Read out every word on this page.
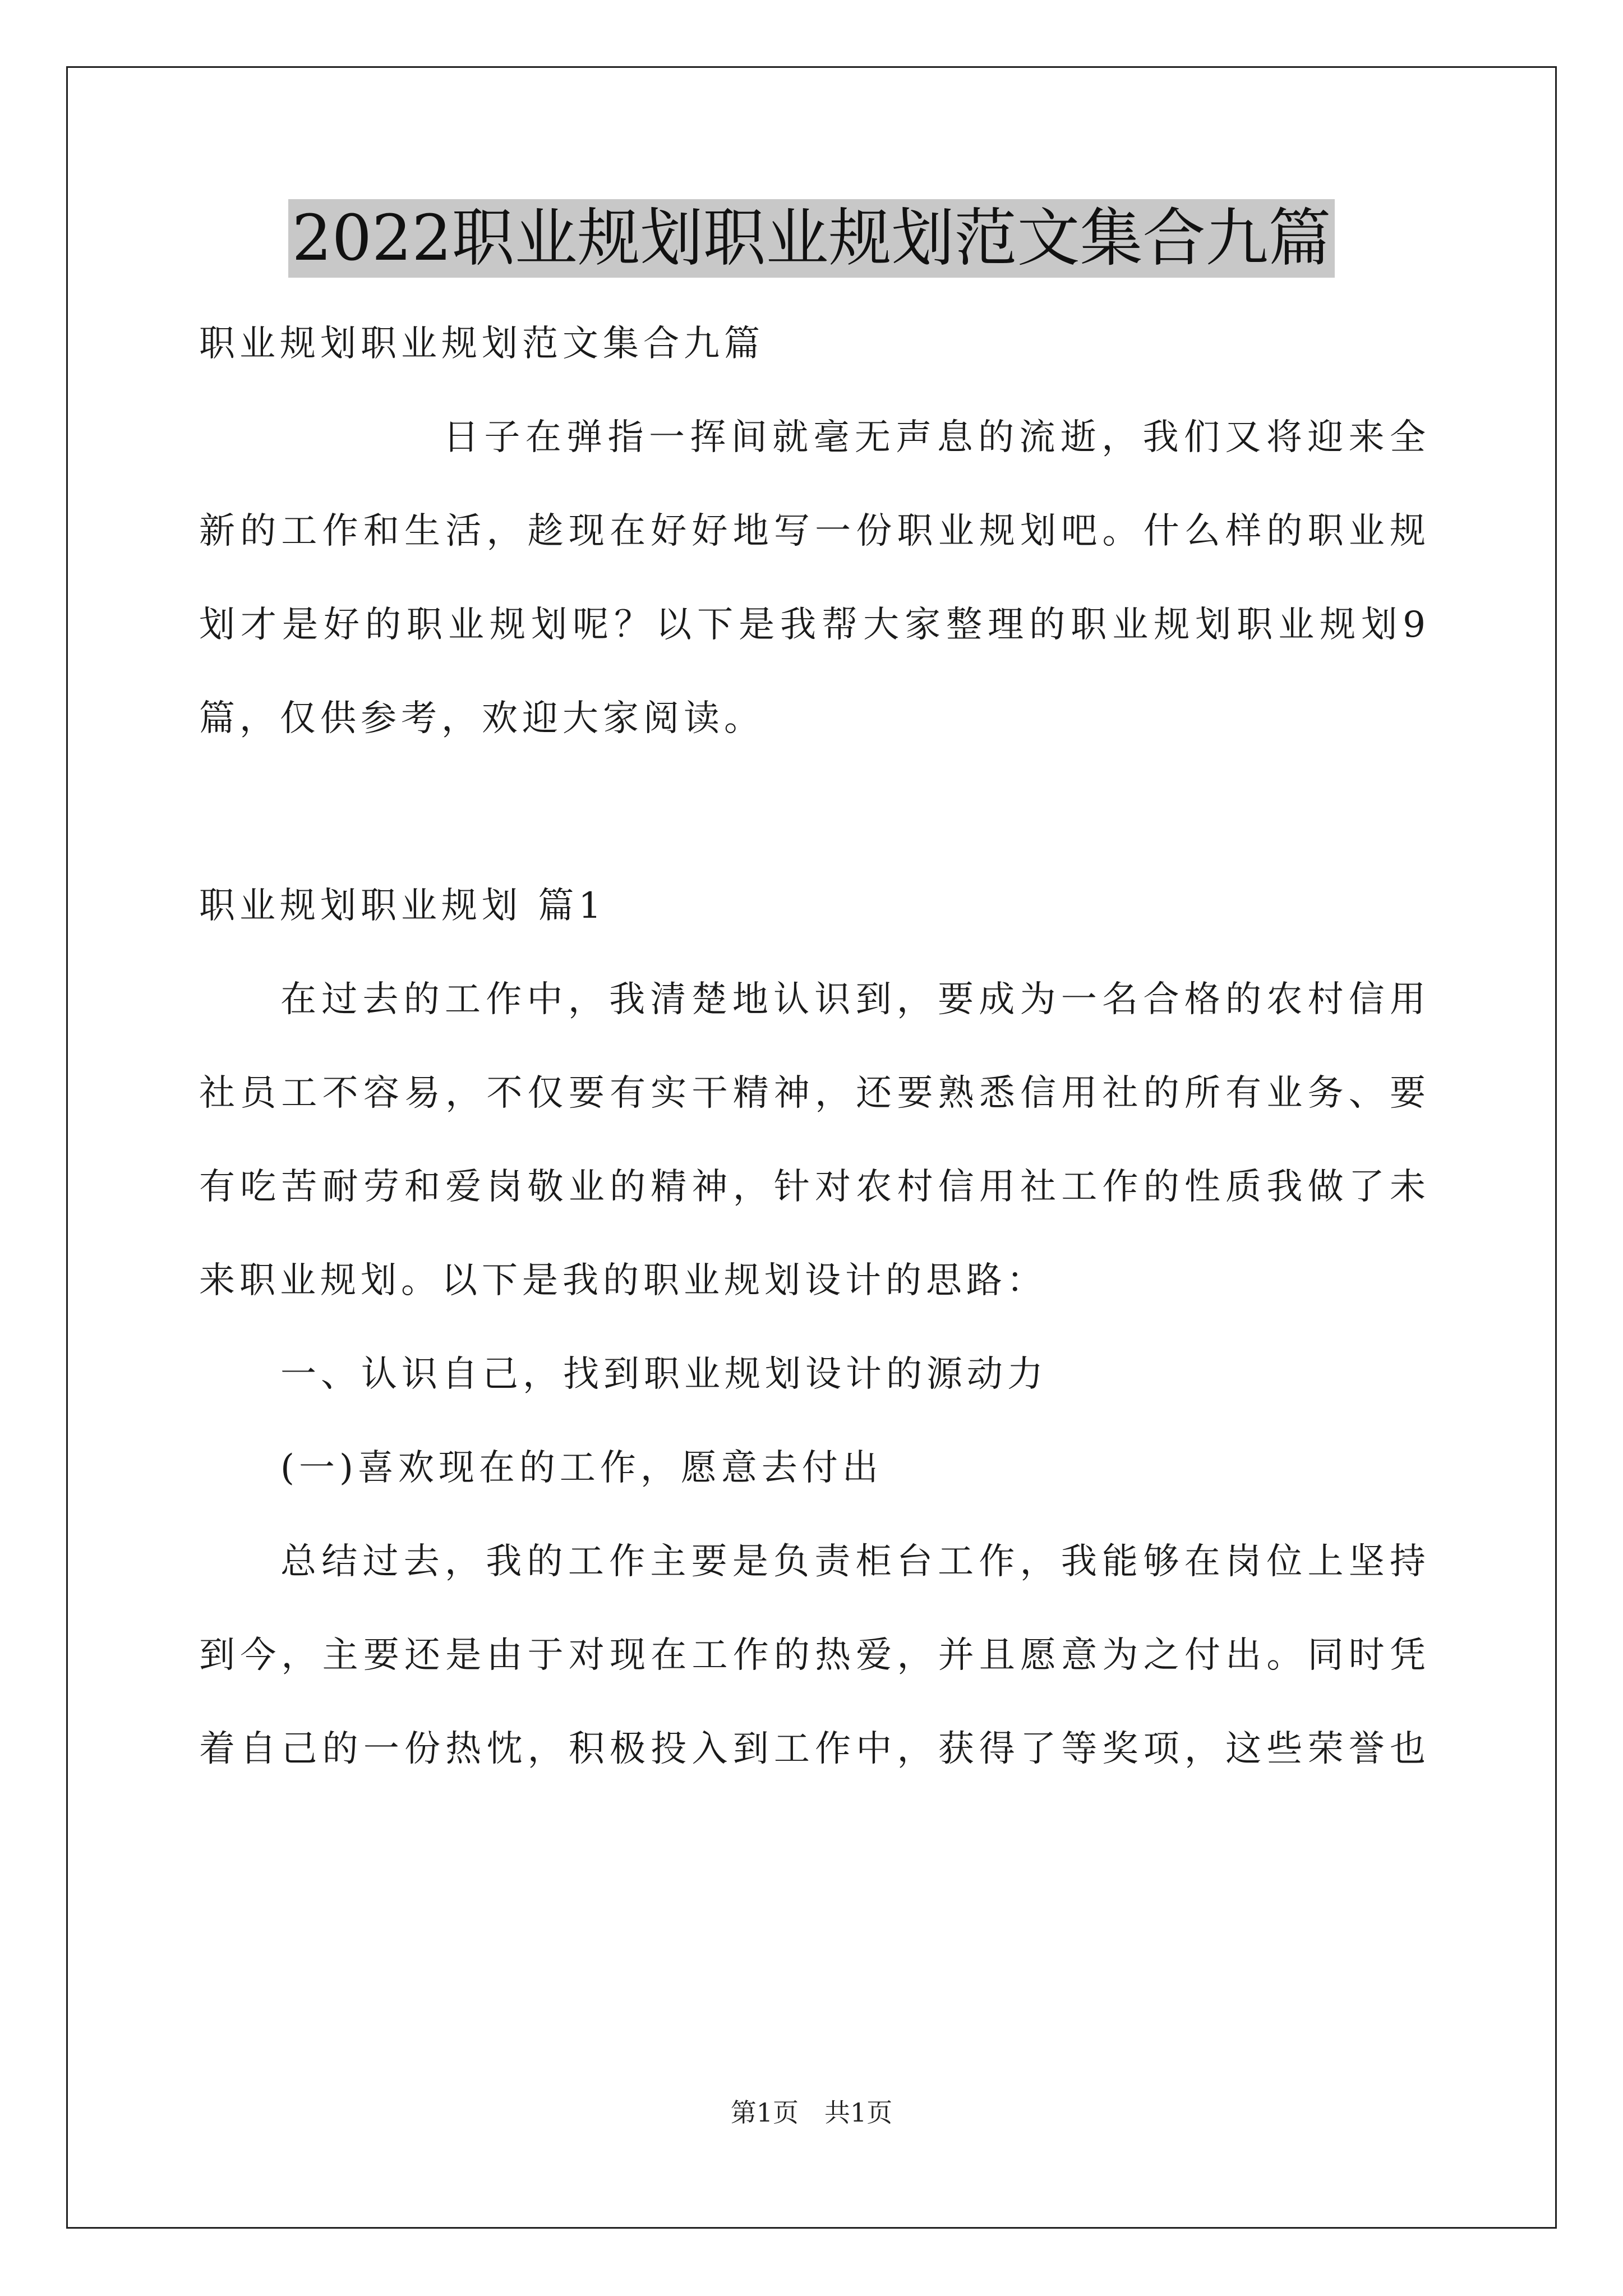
2022职业规划职业规划范文集合九篇
职业规划职业规划范文集合九篇
日子在弹指一挥间就毫无声息的流逝，我们又将迎来全
新的工作和生活，趁现在好好地写一份职业规划吧。什么样的职业规
划才是好的职业规划呢？以下是我帮大家整理的职业规划职业规划9
篇，仅供参考，欢迎大家阅读。
职业规划职业规划 篇1
在过去的工作中，我清楚地认识到，要成为一名合格的农村信用
社员工不容易，不仅要有实干精神，还要熟悉信用社的所有业务、要
有吃苦耐劳和爱岗敬业的精神，针对农村信用社工作的性质我做了未
来职业规划。以下是我的职业规划设计的思路：
一、认识自己，找到职业规划设计的源动力
(一)喜欢现在的工作，愿意去付出
总结过去，我的工作主要是负责柜台工作，我能够在岗位上坚持
到今，主要还是由于对现在工作的热爱，并且愿意为之付出。同时凭
着自己的一份热忱，积极投入到工作中，获得了等奖项，这些荣誉也
第1页　共1页
